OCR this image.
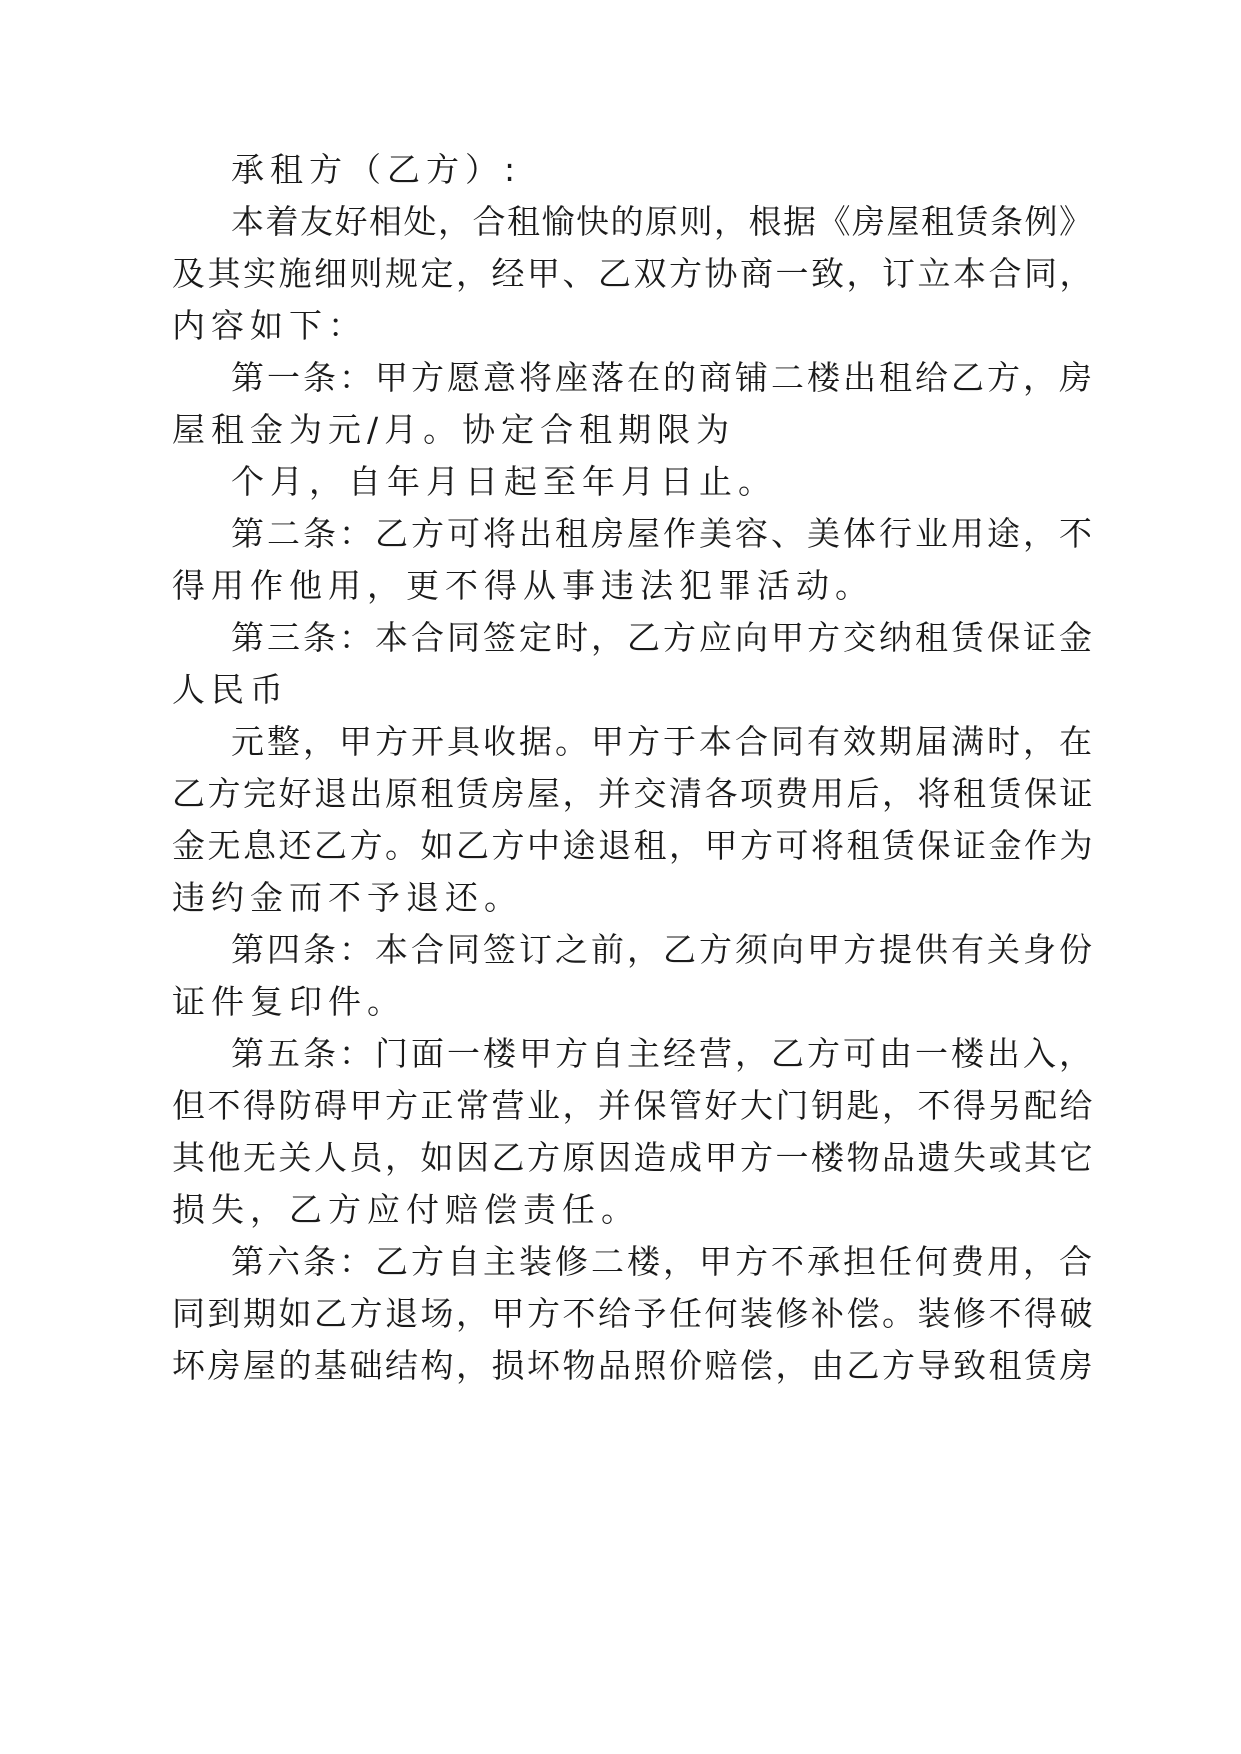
承租方（乙方）:
本着友好相处，合租愉快的原则，根据《房屋租赁条例》
及其实施细则规定，经甲、乙双方协商一致，订立本合同，
内容如下：
第一条：甲方愿意将座落在的商铺二楼出租给乙方，房
屋租金为元/月。协定合租期限为
个月，自年月日起至年月日止。
第二条：乙方可将出租房屋作美容、美体行业用途，不
得用作他用，更不得从事违法犯罪活动。
第三条：本合同签定时，乙方应向甲方交纳租赁保证金
人民币
元整，甲方开具收据。甲方于本合同有效期届满时，在
乙方完好退出原租赁房屋，并交清各项费用后，将租赁保证
金无息还乙方。如乙方中途退租，甲方可将租赁保证金作为
违约金而不予退还。
第四条：本合同签订之前，乙方须向甲方提供有关身份
证件复印件。
第五条：门面一楼甲方自主经营，乙方可由一楼出入，
但不得防碍甲方正常营业，并保管好大门钥匙，不得另配给
其他无关人员，如因乙方原因造成甲方一楼物品遗失或其它
损失，乙方应付赔偿责任。
第六条：乙方自主装修二楼，甲方不承担任何费用，合
同到期如乙方退场，甲方不给予任何装修补偿。装修不得破
坏房屋的基础结构，损坏物品照价赔偿，由乙方导致租赁房
